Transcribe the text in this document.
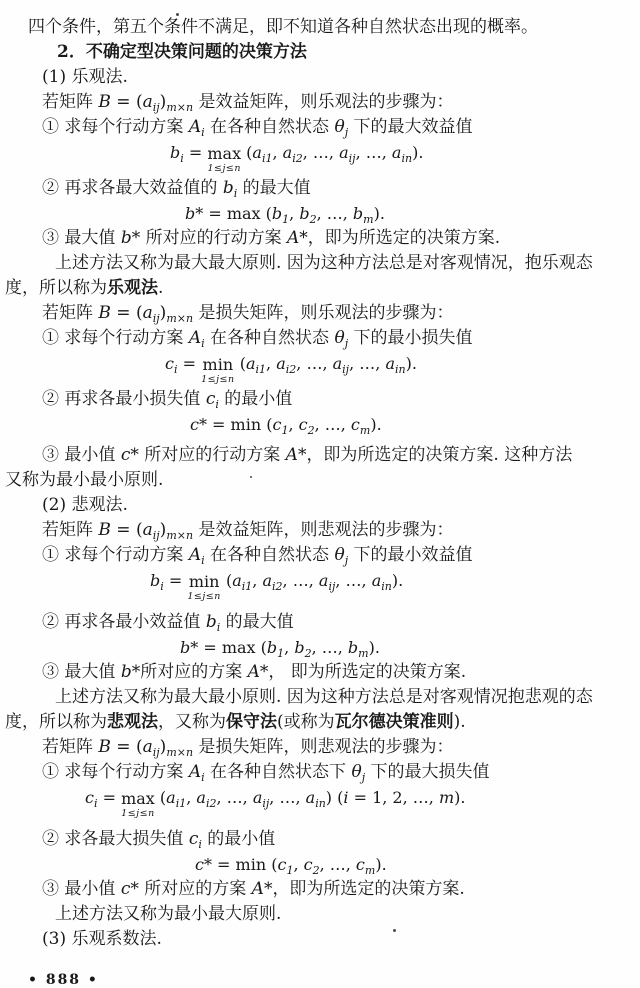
四个条件，第五个条件不满足，即不知道各种自然状态出现的概率。
2．不确定型决策问题的决策方法
(1) 乐观法.
若矩阵 $B = (a_{ij})_{m\times n}$ 是效益矩阵，则乐观法的步骤为：
① 求每个行动方案 $A_i$ 在各种自然状态 $\theta_j$ 下的最大效益值
$b_i = \max$
1≤j≤n
($a_{i1}$, $a_{i2}$, …, $a_{ij}$, …, $a_{in}$).
② 再求各最大效益值的 $b_i$ 的最大值
$b* = \max (b_1$, $b_2$, …, $b_m$).
③ 最大值 b* 所对应的行动方案 A*，即为所选定的决策方案.
上述方法又称为最大最大原则. 因为这种方法总是对客观情况，抱乐观态
度，所以称为乐观法.
若矩阵 $B = (a_{ij})_{m\times n}$ 是损失矩阵，则乐观法的步骤为：
① 求每个行动方案 $A_i$ 在各种自然状态 $\theta_j$ 下的最小损失值
$c_i = \min$
1≤j≤n
($a_{i1}$, $a_{i2}$, …, $a_{ij}$, …, $a_{in}$).
② 再求各最小损失值 $c_i$ 的最小值
$c* = \min (c_1$, $c_2$, …, $c_m$).
③ 最小值 c* 所对应的行动方案 A*，即为所选定的决策方案. 这种方法
又称为最小最小原则.
(2) 悲观法.
若矩阵 $B = (a_{ij})_{m\times n}$ 是效益矩阵，则悲观法的步骤为：
① 求每个行动方案 $A_i$ 在各种自然状态 $\theta_j$ 下的最小效益值
$b_i = \min$
1≤j≤n
($a_{i1}$, $a_{i2}$, …, $a_{ij}$, …, $a_{in}$).
② 再求各最小效益值 $b_i$ 的最大值
$b* = \max (b_1$, $b_2$, …, $b_m$).
③ 最大值 b*所对应的方案 A*， 即为所选定的决策方案.
上述方法又称为最大最小原则. 因为这种方法总是对客观情况抱悲观的态
度，所以称为悲观法，又称为保守法(或称为瓦尔德决策准则).
若矩阵 $B = (a_{ij})_{m\times n}$ 是损失矩阵，则悲观法的步骤为：
① 求每个行动方案 $A_i$ 在各种自然状态下 $\theta_j$ 下的最大损失值
$c_i = \max$
1≤j≤n
($a_{i1}$, $a_{i2}$, …, $a_{ij}$, …, $a_{in}$) (i = 1, 2, …, m).
② 求各最大损失值 $c_i$ 的最小值
$c* = \min (c_1$, $c_2$, …, $c_m$).
③ 最小值 c* 所对应的方案 A*，即为所选定的决策方案.
上述方法又称为最小最大原则.
(3) 乐观系数法.
• 888 •
